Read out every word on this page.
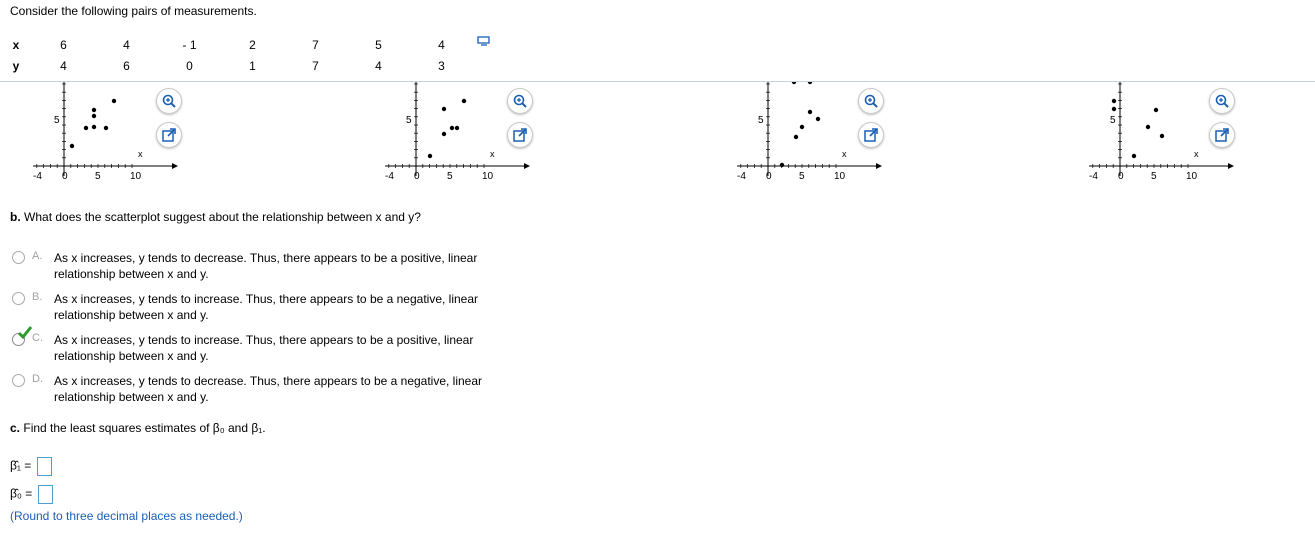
Consider the following pairs of measurements.
x	6	4	- 1	2	7	5	4
y	4	6	0	1	7	4	3
-4 0	5	10
5
x
-4 0	5	10
5
x
-4 0	5	10
5
x
-4 0	5	10
5
x
b. What does the scatterplot suggest about the relationship between x and y?
A. As x increases, y tends to decrease. Thus, there appears to be a positive, linear
relationship between x and y.
B. As x increases, y tends to increase. Thus, there appears to be a negative, linear
relationship between x and y.
C. As x increases, y tends to increase. Thus, there appears to be a positive, linear
relationship between x and y.
D. As x increases, y tends to decrease. Thus, there appears to be a negative, linear
relationship between x and y.
c. Find the least squares estimates of β₀ and β₁.
β̂₁ =
β̂₀ =
(Round to three decimal places as needed.)
